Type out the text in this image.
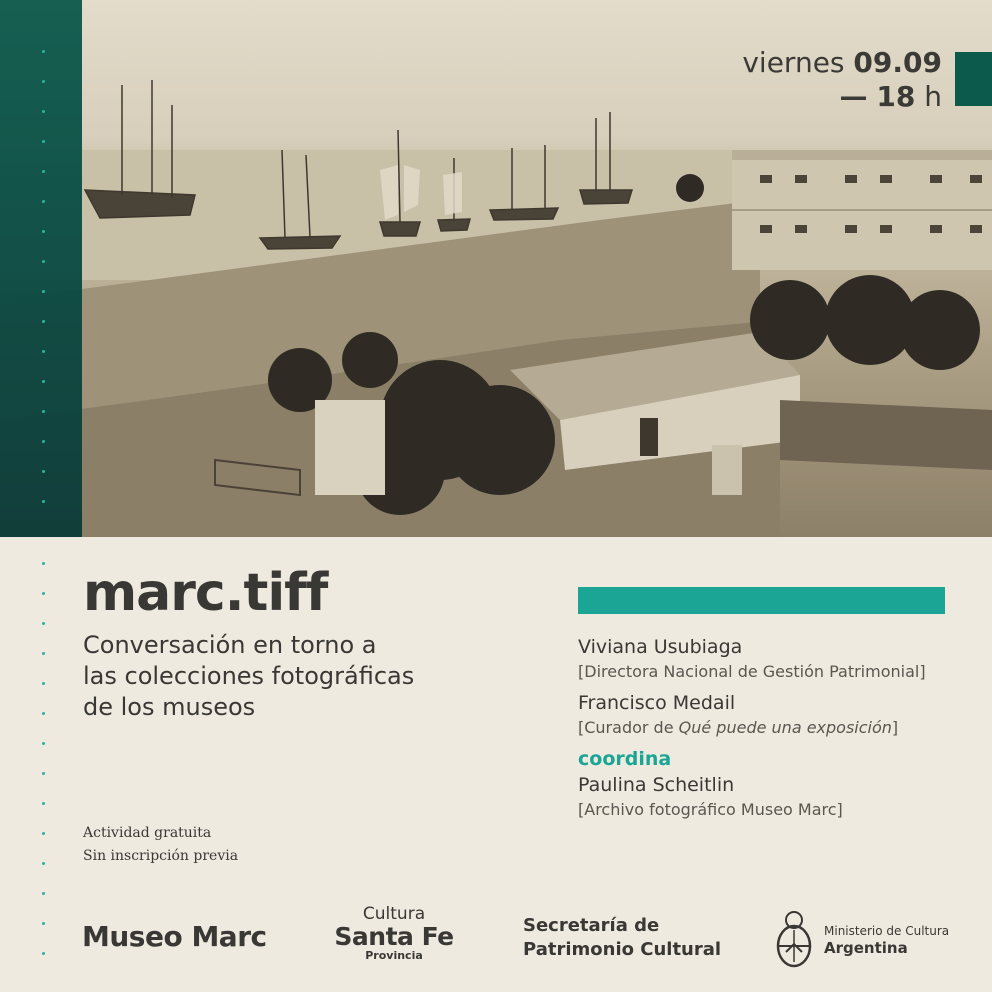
viernes 09.09
— 18 h
marc.tiff
Conversación en torno a
las colecciones fotográficas
de los museos
Actividad gratuita
Sin inscripción previa
Viviana Usubiaga
[Directora Nacional de Gestión Patrimonial]
Francisco Medail
[Curador de Qué puede una exposición]
coordina
Paulina Scheitlin
[Archivo fotográfico Museo Marc]
Museo Marc
Cultura
Santa Fe
Provincia
Secretaría de
Patrimonio Cultural
Ministerio de Cultura
Argentina
